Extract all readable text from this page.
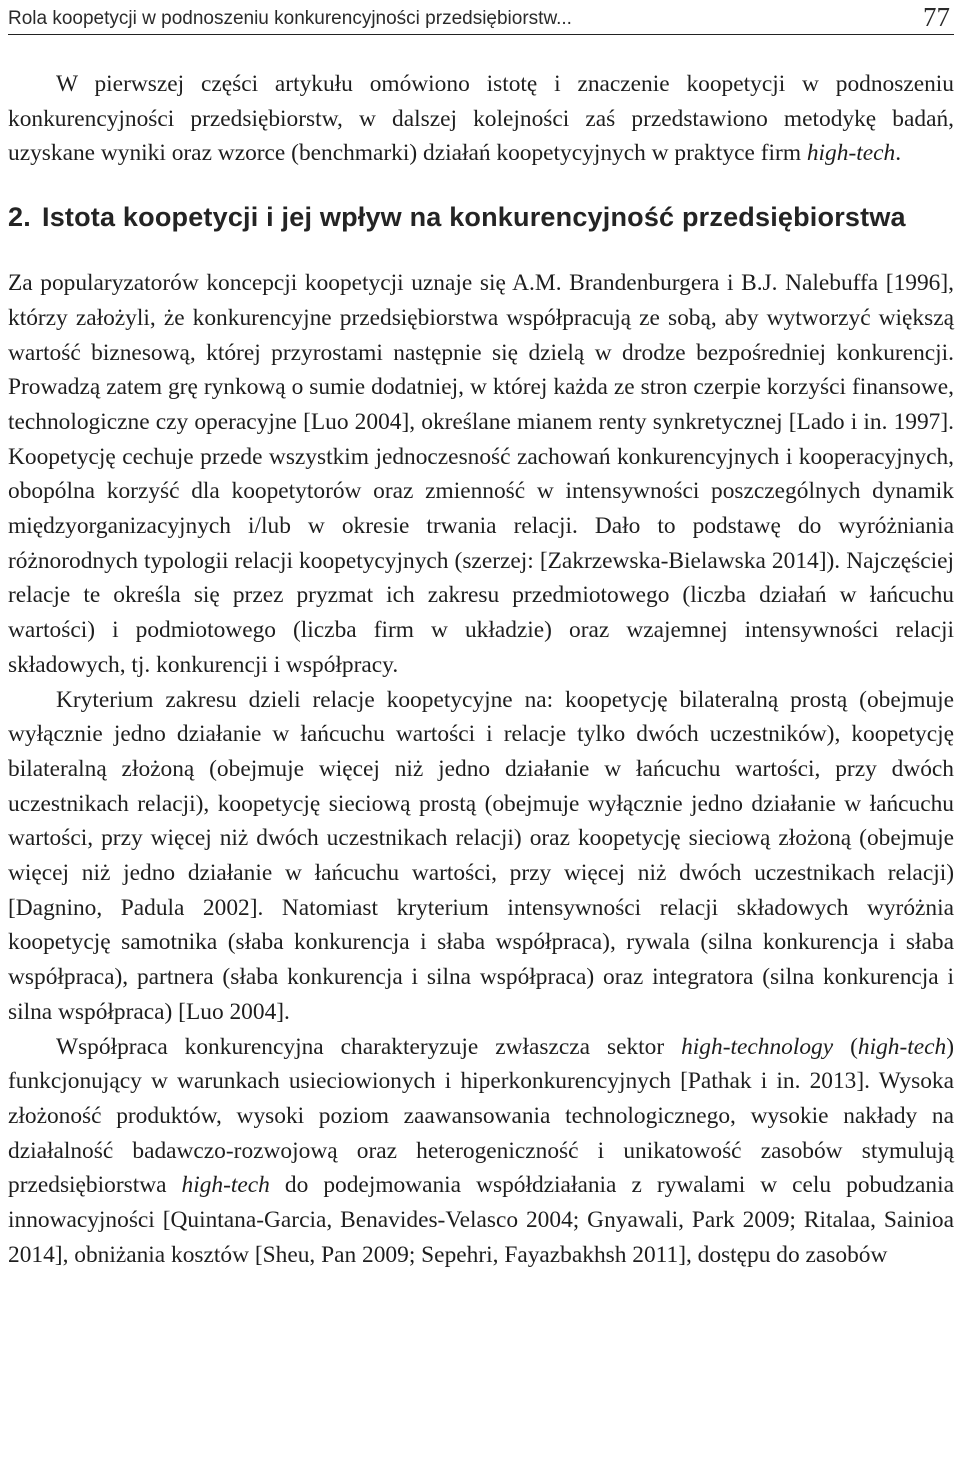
Rola koopetycji w podnoszeniu konkurencyjności przedsiębiorstw...	77

W pierwszej części artykułu omówiono istotę i znaczenie koopetycji w podnoszeniu konkurencyjności przedsiębiorstw, w dalszej kolejności zaś przedstawiono metodykę badań, uzyskane wyniki oraz wzorce (benchmarki) działań koopetycyjnych w praktyce firm high-tech.

2. Istota koopetycji i jej wpływ na konkurencyjność przedsiębiorstwa

Za popularyzatorów koncepcji koopetycji uznaje się A.M. Brandenburgera i B.J. Nalebuffa [1996], którzy założyli, że konkurencyjne przedsiębiorstwa współpracują ze sobą, aby wytworzyć większą wartość biznesową, której przyrostami następnie się dzielą w drodze bezpośredniej konkurencji. Prowadzą zatem grę rynkową o sumie dodatniej, w której każda ze stron czerpie korzyści finansowe, technologiczne czy operacyjne [Luo 2004], określane mianem renty synkretycznej [Lado i in. 1997]. Koopetycję cechuje przede wszystkim jednoczesność zachowań konkurencyjnych i kooperacyjnych, obopólna korzyść dla koopetytorów oraz zmienność w intensywności poszczególnych dynamik międzyorganizacyjnych i/lub w okresie trwania relacji. Dało to podstawę do wyróżniania różnorodnych typologii relacji koopetycyjnych (szerzej: [Zakrzewska-Bielawska 2014]). Najczęściej relacje te określa się przez pryzmat ich zakresu przedmiotowego (liczba działań w łańcuchu wartości) i podmiotowego (liczba firm w układzie) oraz wzajemnej intensywności relacji składowych, tj. konkurencji i współpracy.

Kryterium zakresu dzieli relacje koopetycyjne na: koopetycję bilateralną prostą (obejmuje wyłącznie jedno działanie w łańcuchu wartości i relacje tylko dwóch uczestników), koopetycję bilateralną złożoną (obejmuje więcej niż jedno działanie w łańcuchu wartości, przy dwóch uczestnikach relacji), koopetycję sieciową prostą (obejmuje wyłącznie jedno działanie w łańcuchu wartości, przy więcej niż dwóch uczestnikach relacji) oraz koopetycję sieciową złożoną (obejmuje więcej niż jedno działanie w łańcuchu wartości, przy więcej niż dwóch uczestnikach relacji) [Dagnino, Padula 2002]. Natomiast kryterium intensywności relacji składowych wyróżnia koopetycję samotnika (słaba konkurencja i słaba współpraca), rywala (silna konkurencja i słaba współpraca), partnera (słaba konkurencja i silna współpraca) oraz integratora (silna konkurencja i silna współpraca) [Luo 2004].

Współpraca konkurencyjna charakteryzuje zwłaszcza sektor high-technology (high-tech) funkcjonujący w warunkach usieciowionych i hiperkonkurencyjnych [Pathak i in. 2013]. Wysoka złożoność produktów, wysoki poziom zaawansowania technologicznego, wysokie nakłady na działalność badawczo-rozwojową oraz heterogeniczność i unikatowość zasobów stymulują przedsiębiorstwa high-tech do podejmowania współdziałania z rywalami w celu pobudzania innowacyjności [Quintana-Garcia, Benavides-Velasco 2004; Gnyawali, Park 2009; Ritalaa, Sainioa 2014], obniżania kosztów [Sheu, Pan 2009; Sepehri, Fayazbakhsh 2011], dostępu do zasobów
